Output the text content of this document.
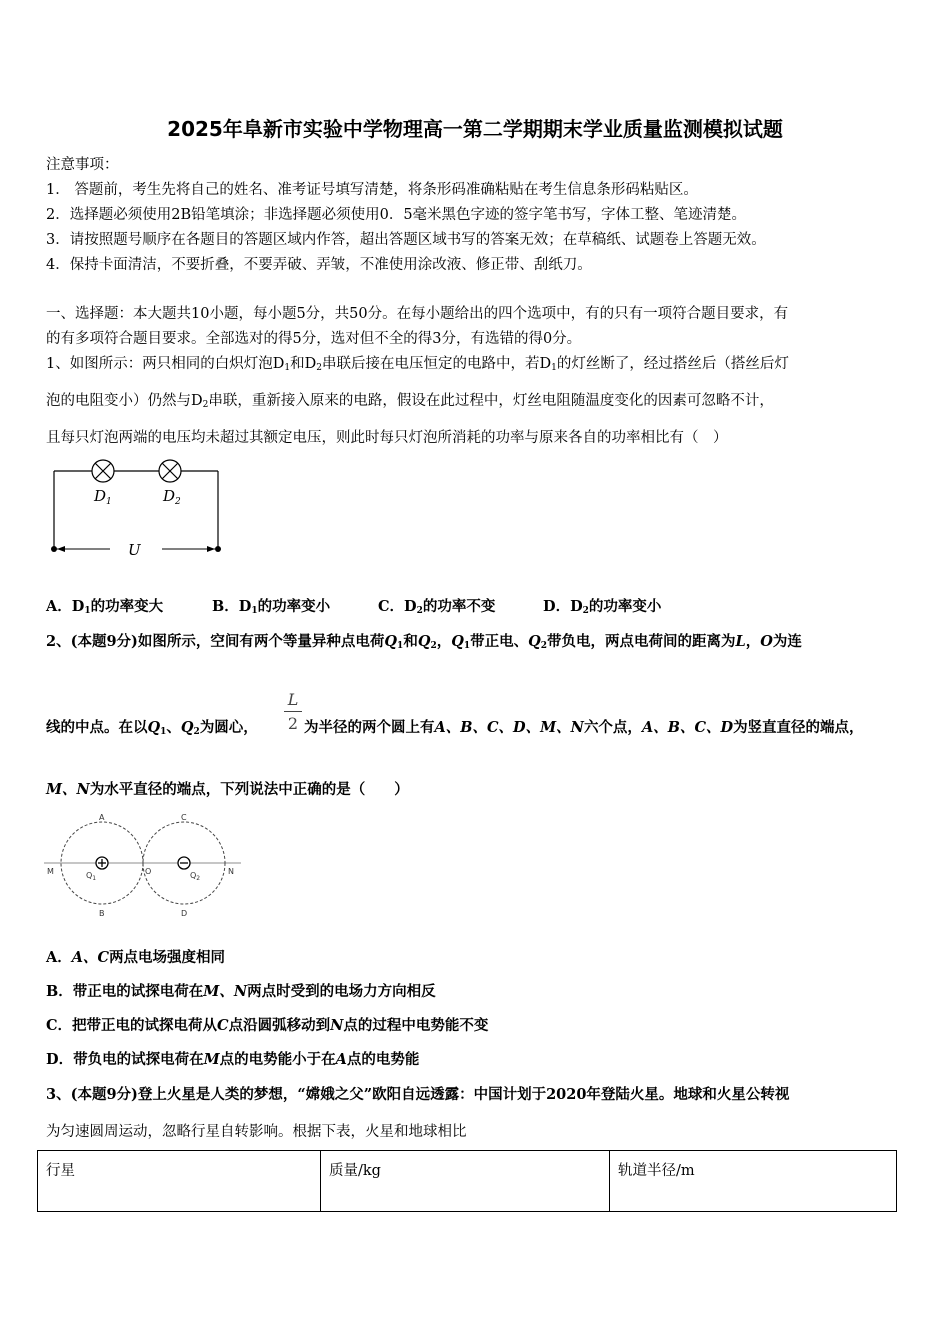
2025年阜新市实验中学物理高一第二学期期末学业质量监测模拟试题
注意事项：
1． 答题前，考生先将自己的姓名、准考证号填写清楚，将条形码准确粘贴在考生信息条形码粘贴区。
2．选择题必须使用2B铅笔填涂；非选择题必须使用0．5毫米黑色字迹的签字笔书写，字体工整、笔迹清楚。
3．请按照题号顺序在各题目的答题区域内作答，超出答题区域书写的答案无效；在草稿纸、试题卷上答题无效。
4．保持卡面清洁，不要折叠，不要弄破、弄皱，不准使用涂改液、修正带、刮纸刀。
一、选择题：本大题共10小题，每小题5分，共50分。在每小题给出的四个选项中，有的只有一项符合题目要求，有
的有多项符合题目要求。全部选对的得5分，选对但不全的得3分，有选错的得0分。
1、如图所示：两只相同的白炽灯泡$D_1$和$D_2$串联后接在电压恒定的电路中，若$D_1$的灯丝断了，经过搭丝后（搭丝后灯
泡的电阻变小）仍然与$D_2$串联，重新接入原来的电路，假设在此过程中，灯丝电阻随温度变化的因素可忽略不计，
且每只灯泡两端的电压均未超过其额定电压，则此时每只灯泡所消耗的功率与原来各自的功率相比有（　）
$D_1$	$D_2$
U
A．$D_1$的功率变大	B．$D_1$的功率变小	C．$D_2$的功率不变	D．$D_2$的功率变小
2、(本题9分)如图所示，空间有两个等量异种点电荷$Q_1$和$Q_2$，$Q_1$带正电、$Q_2$带负电，两点电荷间的距离为L，O为连
L
2
线的中点。在以$Q_1$、$Q_2$为圆心，	为半径的两个圆上有A、B、C、D、M、N六个点，A、B、C、D为竖直直径的端点，
M、N为水平直径的端点，下列说法中正确的是（　　）
A
B
C
D
M	N
O
$Q_1$	$Q_2$
A．A、C两点电场强度相同
B．带正电的试探电荷在M、N两点时受到的电场力方向相反
C．把带正电的试探电荷从C点沿圆弧移动到N点的过程中电势能不变
D．带负电的试探电荷在M点的电势能小于在A点的电势能
3、(本题9分)登上火星是人类的梦想，“嫦娥之父”欧阳自远透露：中国计划于2020年登陆火星。地球和火星公转视
为匀速圆周运动，忽略行星自转影响。根据下表，火星和地球相比
行星	质量/kg	轨道半径/m
